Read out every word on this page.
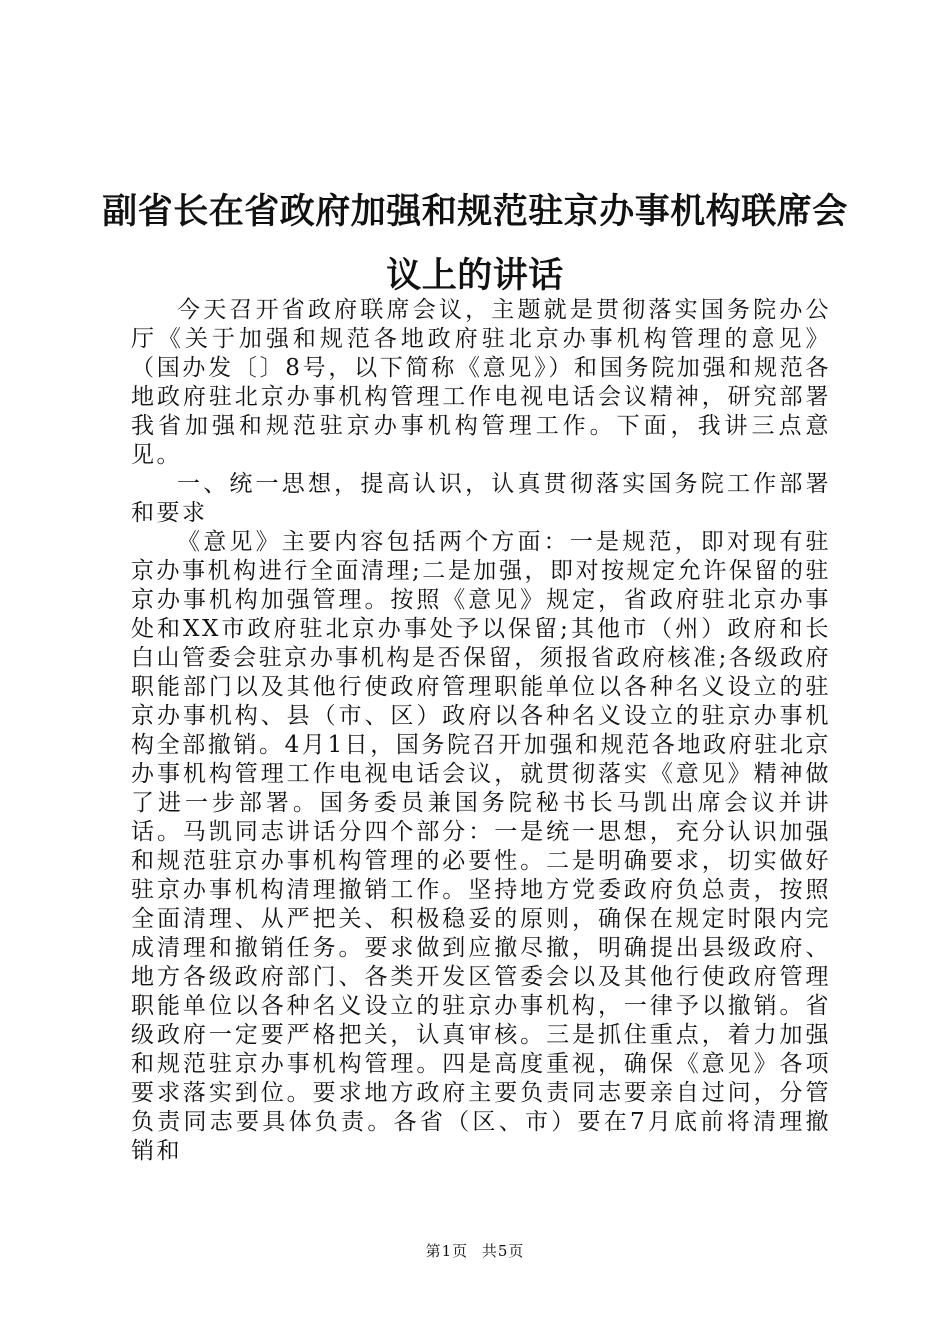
副省长在省政府加强和规范驻京办事机构联席会议上的讲话

今天召开省政府联席会议，主题就是贯彻落实国务院办公厅《关于加强和规范各地政府驻北京办事机构管理的意见》（国办发〔〕8号，以下简称《意见》）和国务院加强和规范各地政府驻北京办事机构管理工作电视电话会议精神，研究部署我省加强和规范驻京办事机构管理工作。下面，我讲三点意见。

一、统一思想，提高认识，认真贯彻落实国务院工作部署和要求

《意见》主要内容包括两个方面：一是规范，即对现有驻京办事机构进行全面清理;二是加强，即对按规定允许保留的驻京办事机构加强管理。按照《意见》规定，省政府驻北京办事处和XX市政府驻北京办事处予以保留;其他市（州）政府和长白山管委会驻京办事机构是否保留，须报省政府核准;各级政府职能部门以及其他行使政府管理职能单位以各种名义设立的驻京办事机构、县（市、区）政府以各种名义设立的驻京办事机构全部撤销。4月1日，国务院召开加强和规范各地政府驻北京办事机构管理工作电视电话会议，就贯彻落实《意见》精神做了进一步部署。国务委员兼国务院秘书长马凯出席会议并讲话。马凯同志讲话分四个部分：一是统一思想，充分认识加强和规范驻京办事机构管理的必要性。二是明确要求，切实做好驻京办事机构清理撤销工作。坚持地方党委政府负总责，按照全面清理、从严把关、积极稳妥的原则，确保在规定时限内完成清理和撤销任务。要求做到应撤尽撤，明确提出县级政府、地方各级政府部门、各类开发区管委会以及其他行使政府管理职能单位以各种名义设立的驻京办事机构，一律予以撤销。省级政府一定要严格把关，认真审核。三是抓住重点，着力加强和规范驻京办事机构管理。四是高度重视，确保《意见》各项要求落实到位。要求地方政府主要负责同志要亲自过问，分管负责同志要具体负责。各省（区、市）要在7月底前将清理撤销和

第1页 共5页
